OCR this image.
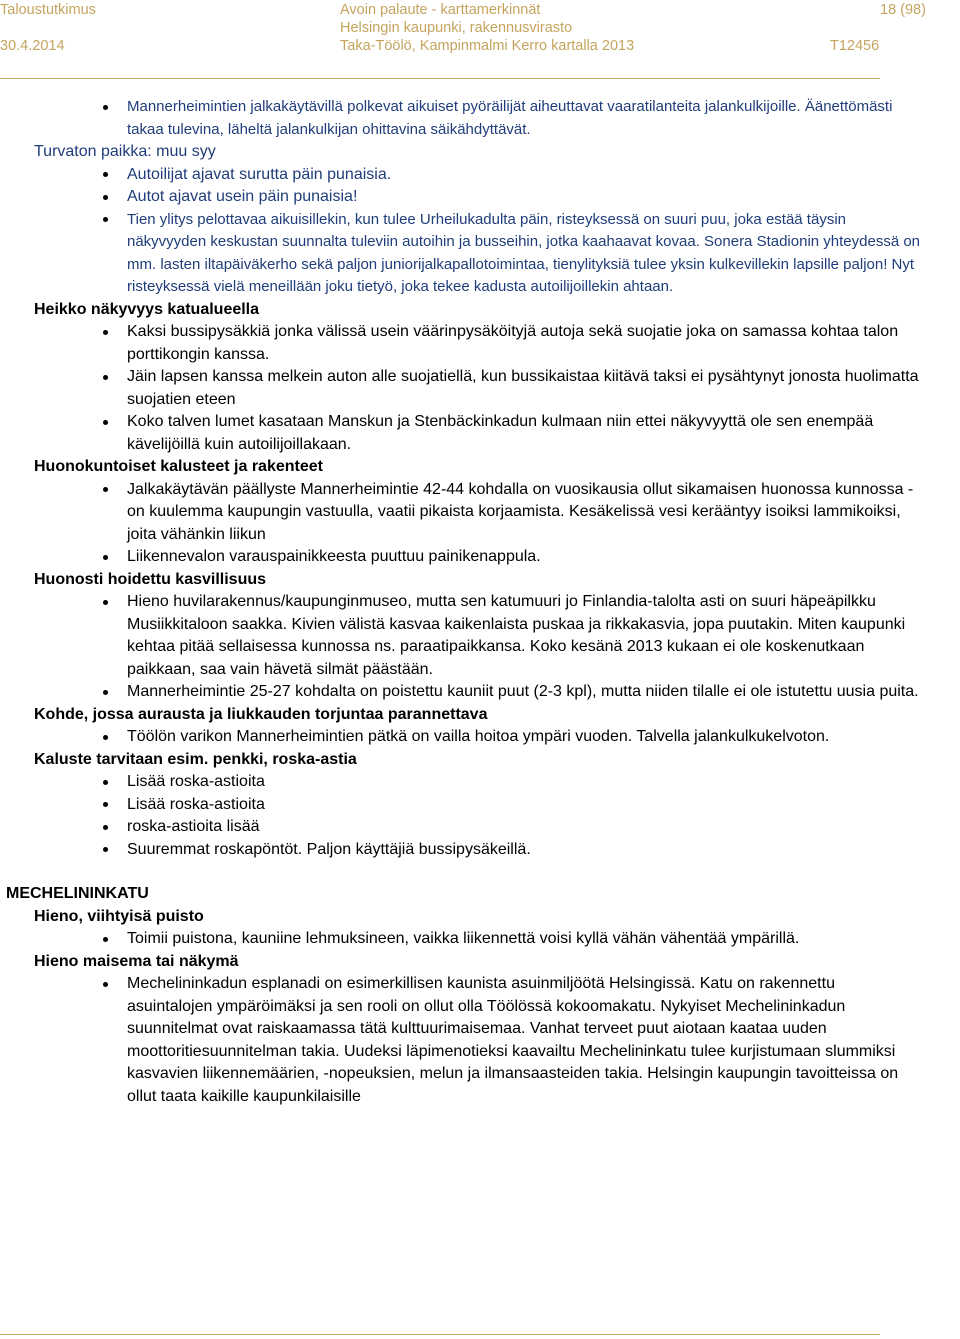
Taloustutkimus
30.4.2014
Avoin palaute - karttamerkinnät
Helsingin kaupunki, rakennusvirasto
Taka-Töölö, Kampinmalmi Kerro kartalla 2013
18 (98)
T12456
Mannerheimintien jalkakäytävillä polkevat aikuiset pyöräilijät aiheuttavat vaaratilanteita jalankulkijoille. Äänettömästi takaa tulevina, läheltä jalankulkijan ohittavina säikähdyttävät.
Turvaton paikka: muu syy
Autoilijat ajavat surutta päin punaisia.
Autot ajavat usein päin punaisia!
Tien ylitys pelottavaa aikuisillekin, kun tulee Urheilukadulta päin, risteyksessä on suuri puu, joka estää täysin näkyvyyden keskustan suunnalta tuleviin autoihin ja busseihin, jotka kaahaavat kovaa. Sonera Stadionin yhteydessä on mm. lasten iltapäiväkerho sekä paljon juniorijalkapallotoimintaa, tienylityksiä tulee yksin kulkevillekin lapsille paljon! Nyt risteyksessä vielä meneillään joku tietyö, joka tekee kadusta autoilijoillekin ahtaan.
Heikko näkyvyys katualueella
Kaksi bussipysäkkiä jonka välissä usein väärinpysäköityjä autoja sekä suojatie joka on samassa kohtaa talon porttikongin kanssa.
Jäin lapsen kanssa melkein auton alle suojatiellä, kun bussikaistaa kiitävä taksi ei pysähtynyt jonosta huolimatta suojatien eteen
Koko talven lumet kasataan Manskun ja Stenbäckinkadun kulmaan niin ettei näkyvyyttä ole sen enempää kävelijöillä kuin autoilijoillakaan.
Huonokuntoiset kalusteet ja rakenteet
Jalkakäytävän päällyste Mannerheimintie 42-44 kohdalla on vuosikausia ollut sikamaisen huonossa kunnossa - on kuulemma kaupungin vastuulla, vaatii pikaista korjaamista. Kesäkelissä vesi kerääntyy isoiksi lammikoiksi, joita vähänkin liikun
Liikennevalon varauspainikkeesta puuttuu painikenappula.
Huonosti hoidettu kasvillisuus
Hieno huvilarakennus/kaupunginmuseo, mutta sen katumuuri jo Finlandia-talolta asti on suuri häpeäpilkku Musiikkitaloon saakka. Kivien välistä kasvaa kaikenlaista puskaa ja rikkakasvia, jopa puutakin. Miten kaupunki kehtaa pitää sellaisessa kunnossa ns. paraatipaikkansa. Koko kesänä 2013 kukaan ei ole koskenutkaan paikkaan, saa vain hävetä silmät päästään.
Mannerheimintie 25-27 kohdalta on poistettu kauniit puut (2-3 kpl), mutta niiden tilalle ei ole istutettu uusia puita.
Kohde, jossa aurausta ja liukkauden torjuntaa parannettava
Töölön varikon Mannerheimintien pätkä on vailla hoitoa ympäri vuoden. Talvella jalankulkukelvoton.
Kaluste tarvitaan esim. penkki, roska-astia
Lisää roska-astioita
Lisää roska-astioita
roska-astioita lisää
Suuremmat roskapöntöt. Paljon käyttäjiä bussipysäkeillä.
MECHELININKATU
Hieno, viihtyisä puisto
Toimii puistona, kauniine lehmuksineen, vaikka liikennettä voisi kyllä vähän vähentää ympärillä.
Hieno maisema tai näkymä
Mechelininkadun esplanadi on esimerkillisen kaunista asuinmiljöötä Helsingissä. Katu on rakennettu asuintalojen ympäröimäksi ja sen rooli on ollut olla Töölössä kokoomakatu. Nykyiset Mechelininkadun suunnitelmat ovat raiskaamassa tätä kulttuurimaisemaa. Vanhat terveet puut aiotaan kaataa uuden moottoritiesuunnitelman takia. Uudeksi läpimenotieksi kaavailtu Mechelininkatu tulee kurjistumaan slummiksi kasvavien liikennemäärien, -nopeuksien, melun ja ilmansaasteiden takia. Helsingin kaupungin tavoitteissa on ollut taata kaikille kaupunkilaisille
